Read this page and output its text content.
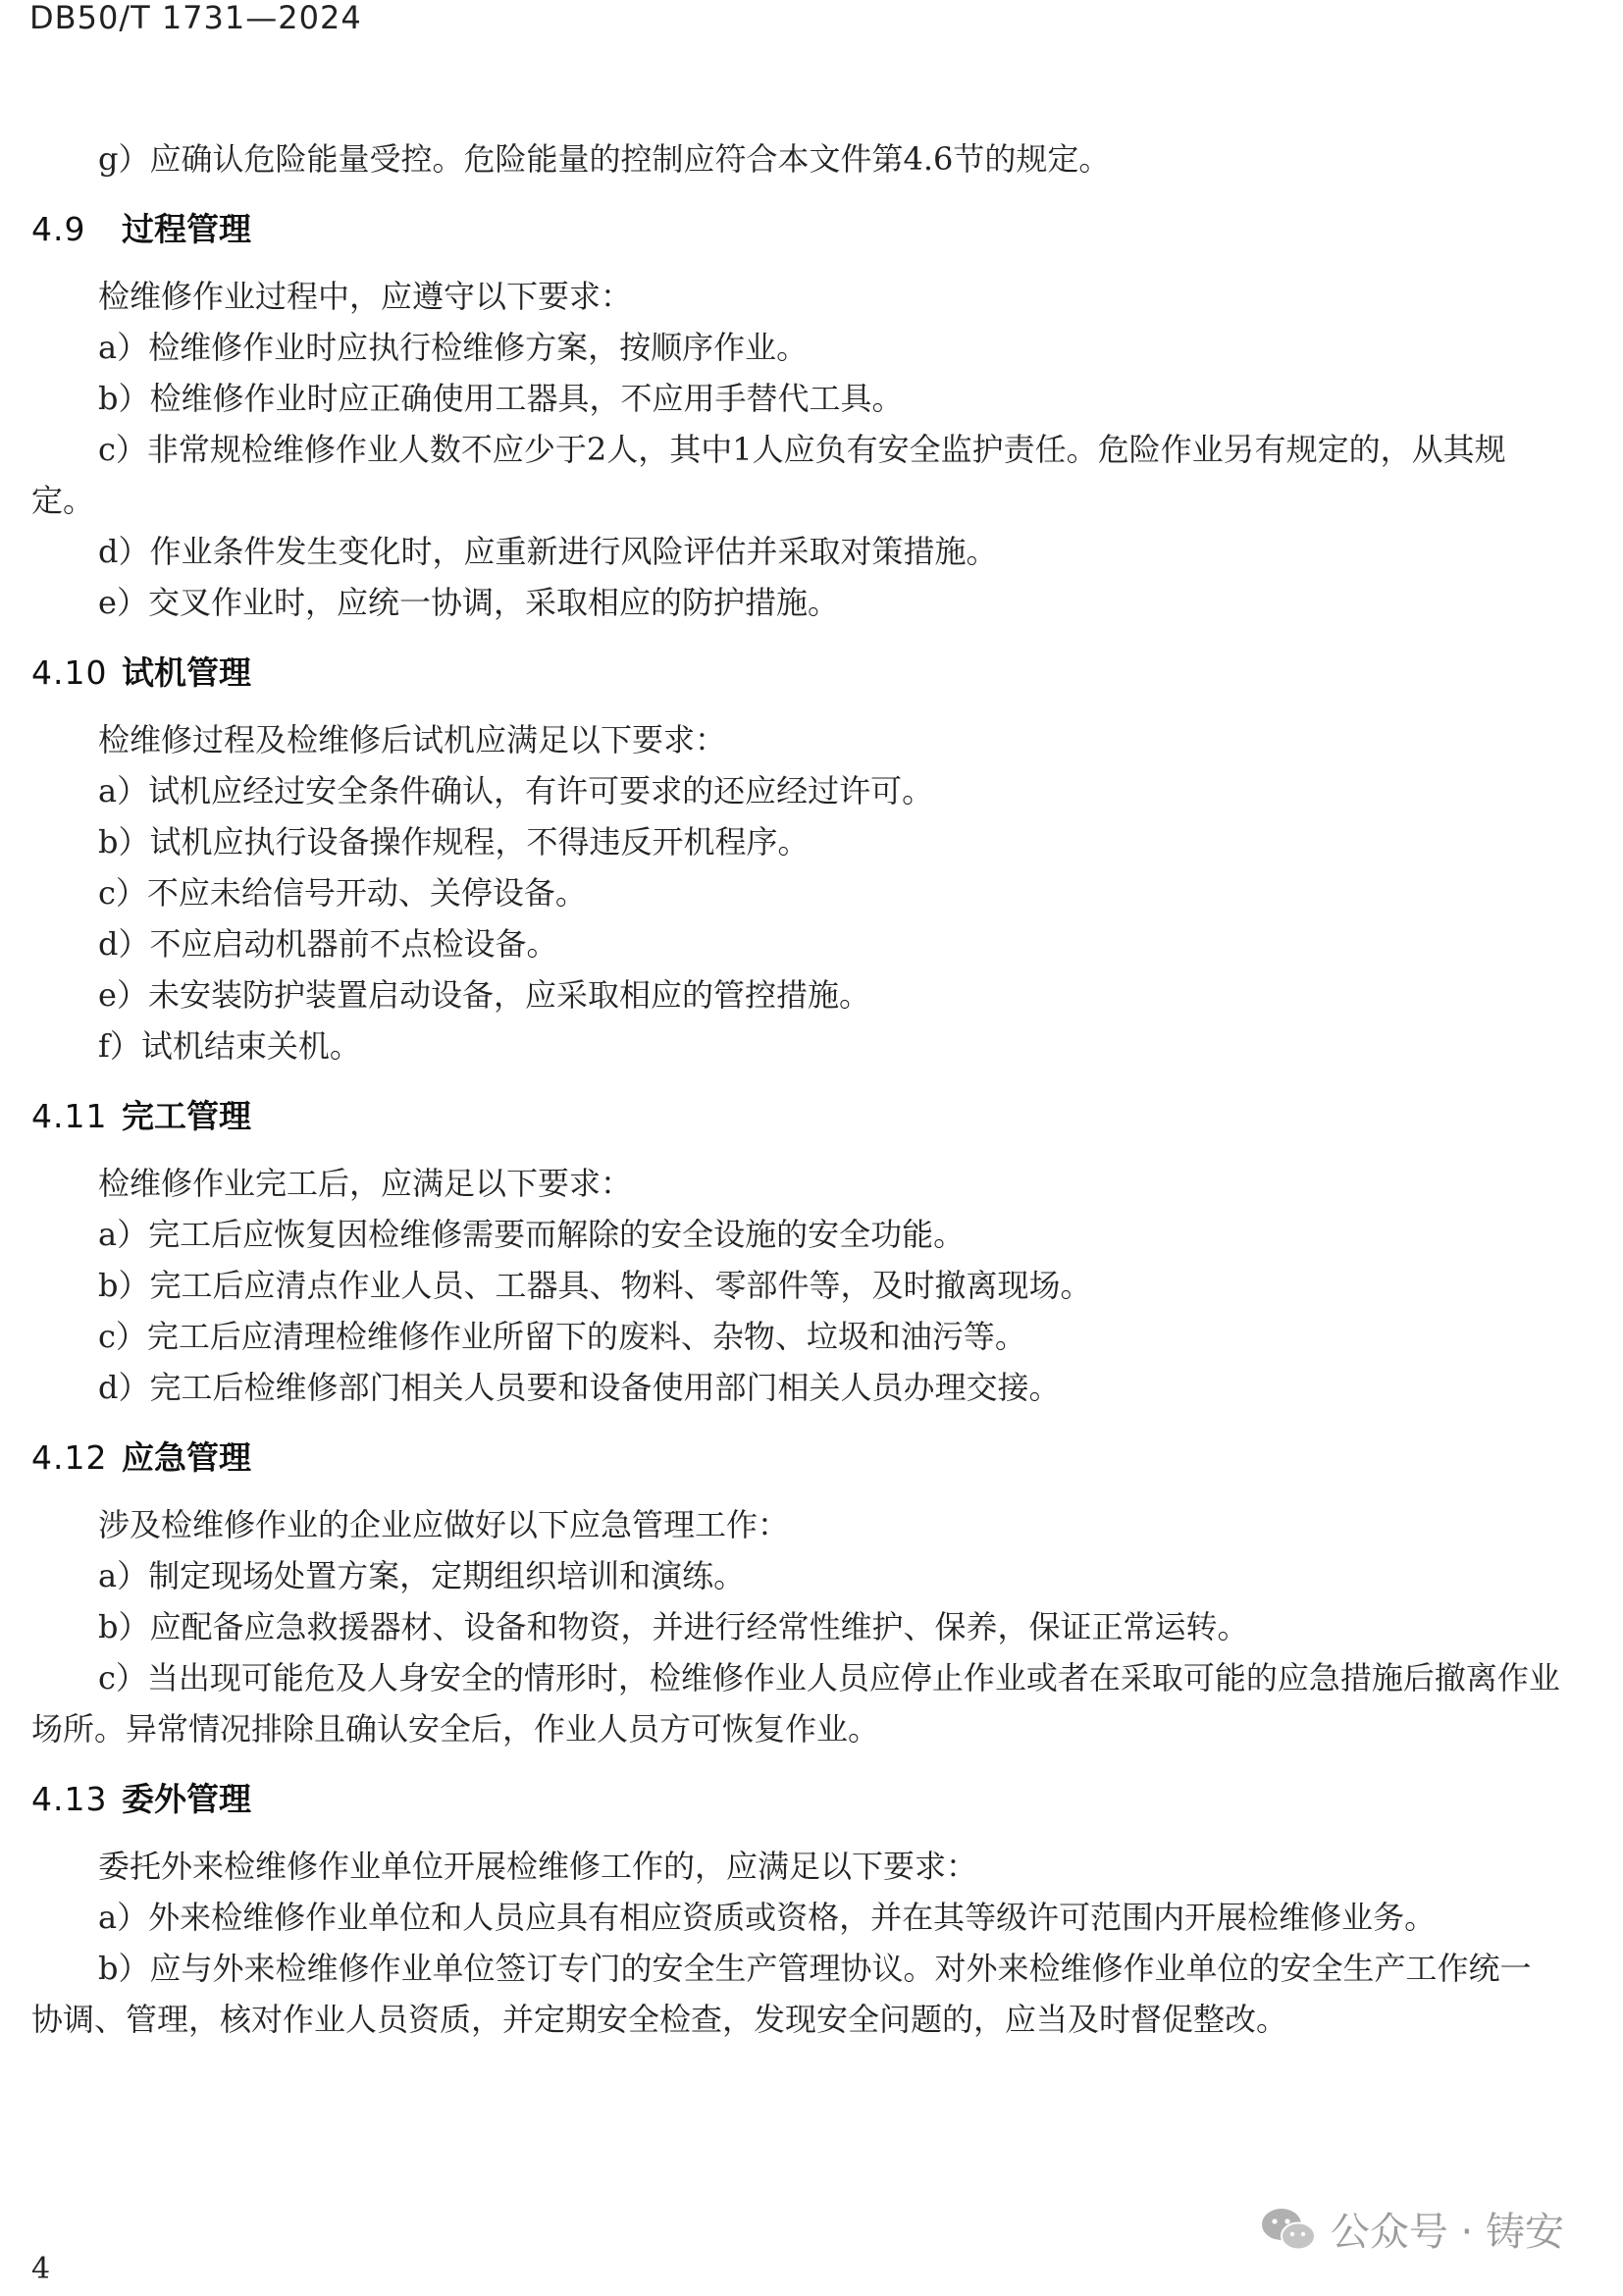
DB50/T 1731—2024

g）应确认危险能量受控。危险能量的控制应符合本文件第4.6节的规定。

4.9 过程管理

检维修作业过程中，应遵守以下要求：

a）检维修作业时应执行检维修方案，按顺序作业。

b）检维修作业时应正确使用工器具，不应用手替代工具。

c）非常规检维修作业人数不应少于2人，其中1人应负有安全监护责任。危险作业另有规定的，从其规定。

d）作业条件发生变化时，应重新进行风险评估并采取对策措施。

e）交叉作业时，应统一协调，采取相应的防护措施。

4.10 试机管理

检维修过程及检维修后试机应满足以下要求：

a）试机应经过安全条件确认，有许可要求的还应经过许可。

b）试机应执行设备操作规程，不得违反开机程序。

c）不应未给信号开动、关停设备。

d）不应启动机器前不点检设备。

e）未安装防护装置启动设备，应采取相应的管控措施。

f）试机结束关机。

4.11 完工管理

检维修作业完工后，应满足以下要求：

a）完工后应恢复因检维修需要而解除的安全设施的安全功能。

b）完工后应清点作业人员、工器具、物料、零部件等，及时撤离现场。

c）完工后应清理检维修作业所留下的废料、杂物、垃圾和油污等。

d）完工后检维修部门相关人员要和设备使用部门相关人员办理交接。

4.12 应急管理

涉及检维修作业的企业应做好以下应急管理工作：

a）制定现场处置方案，定期组织培训和演练。

b）应配备应急救援器材、设备和物资，并进行经常性维护、保养，保证正常运转。

c）当出现可能危及人身安全的情形时，检维修作业人员应停止作业或者在采取可能的应急措施后撤离作业场所。异常情况排除且确认安全后，作业人员方可恢复作业。

4.13 委外管理

委托外来检维修作业单位开展检维修工作的，应满足以下要求：

a）外来检维修作业单位和人员应具有相应资质或资格，并在其等级许可范围内开展检维修业务。

b）应与外来检维修作业单位签订专门的安全生产管理协议。对外来检维修作业单位的安全生产工作统一协调、管理，核对作业人员资质，并定期安全检查，发现安全问题的，应当及时督促整改。

公众号 · 铸安
4
